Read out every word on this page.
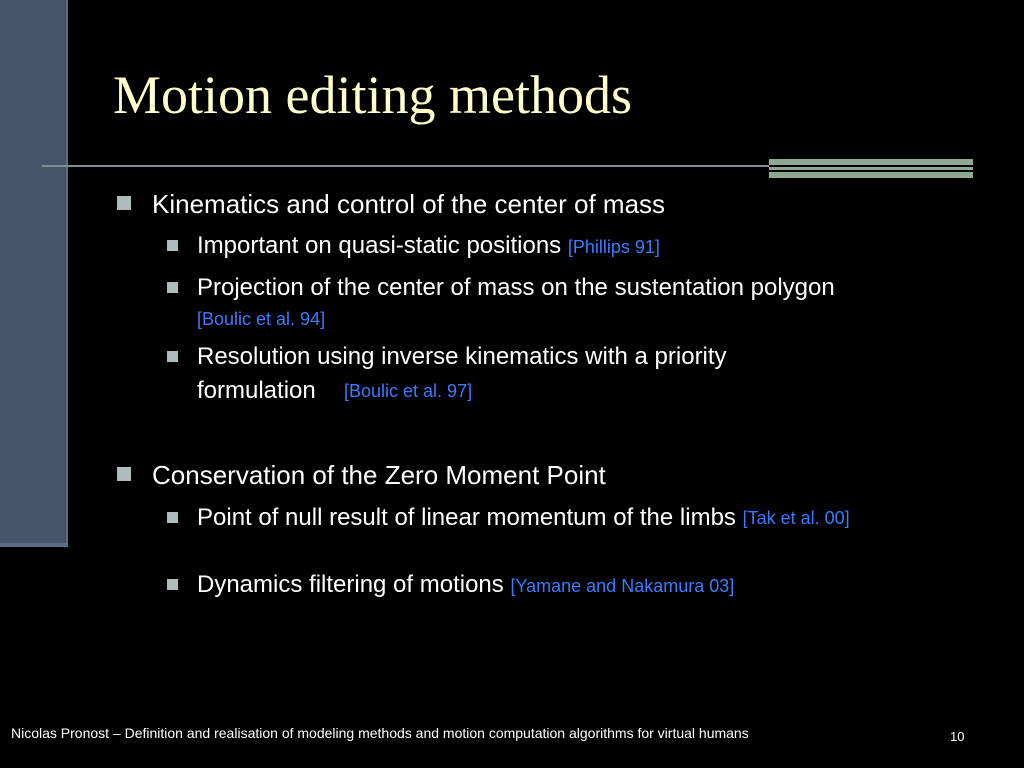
Motion editing methods
Kinematics and control of the center of mass
Important on quasi-static positions [Phillips 91]
Projection of the center of mass on the sustentation polygon
[Boulic et al. 94]
Resolution using inverse kinematics with a priority formulation	[Boulic et al. 97]
Conservation of the Zero Moment Point
Point of null result of linear momentum of the limbs [Tak et al. 00]
Dynamics filtering of motions [Yamane and Nakamura 03]
Nicolas Pronost – Definition and realisation of modeling methods and motion computation algorithms for virtual humans	10
